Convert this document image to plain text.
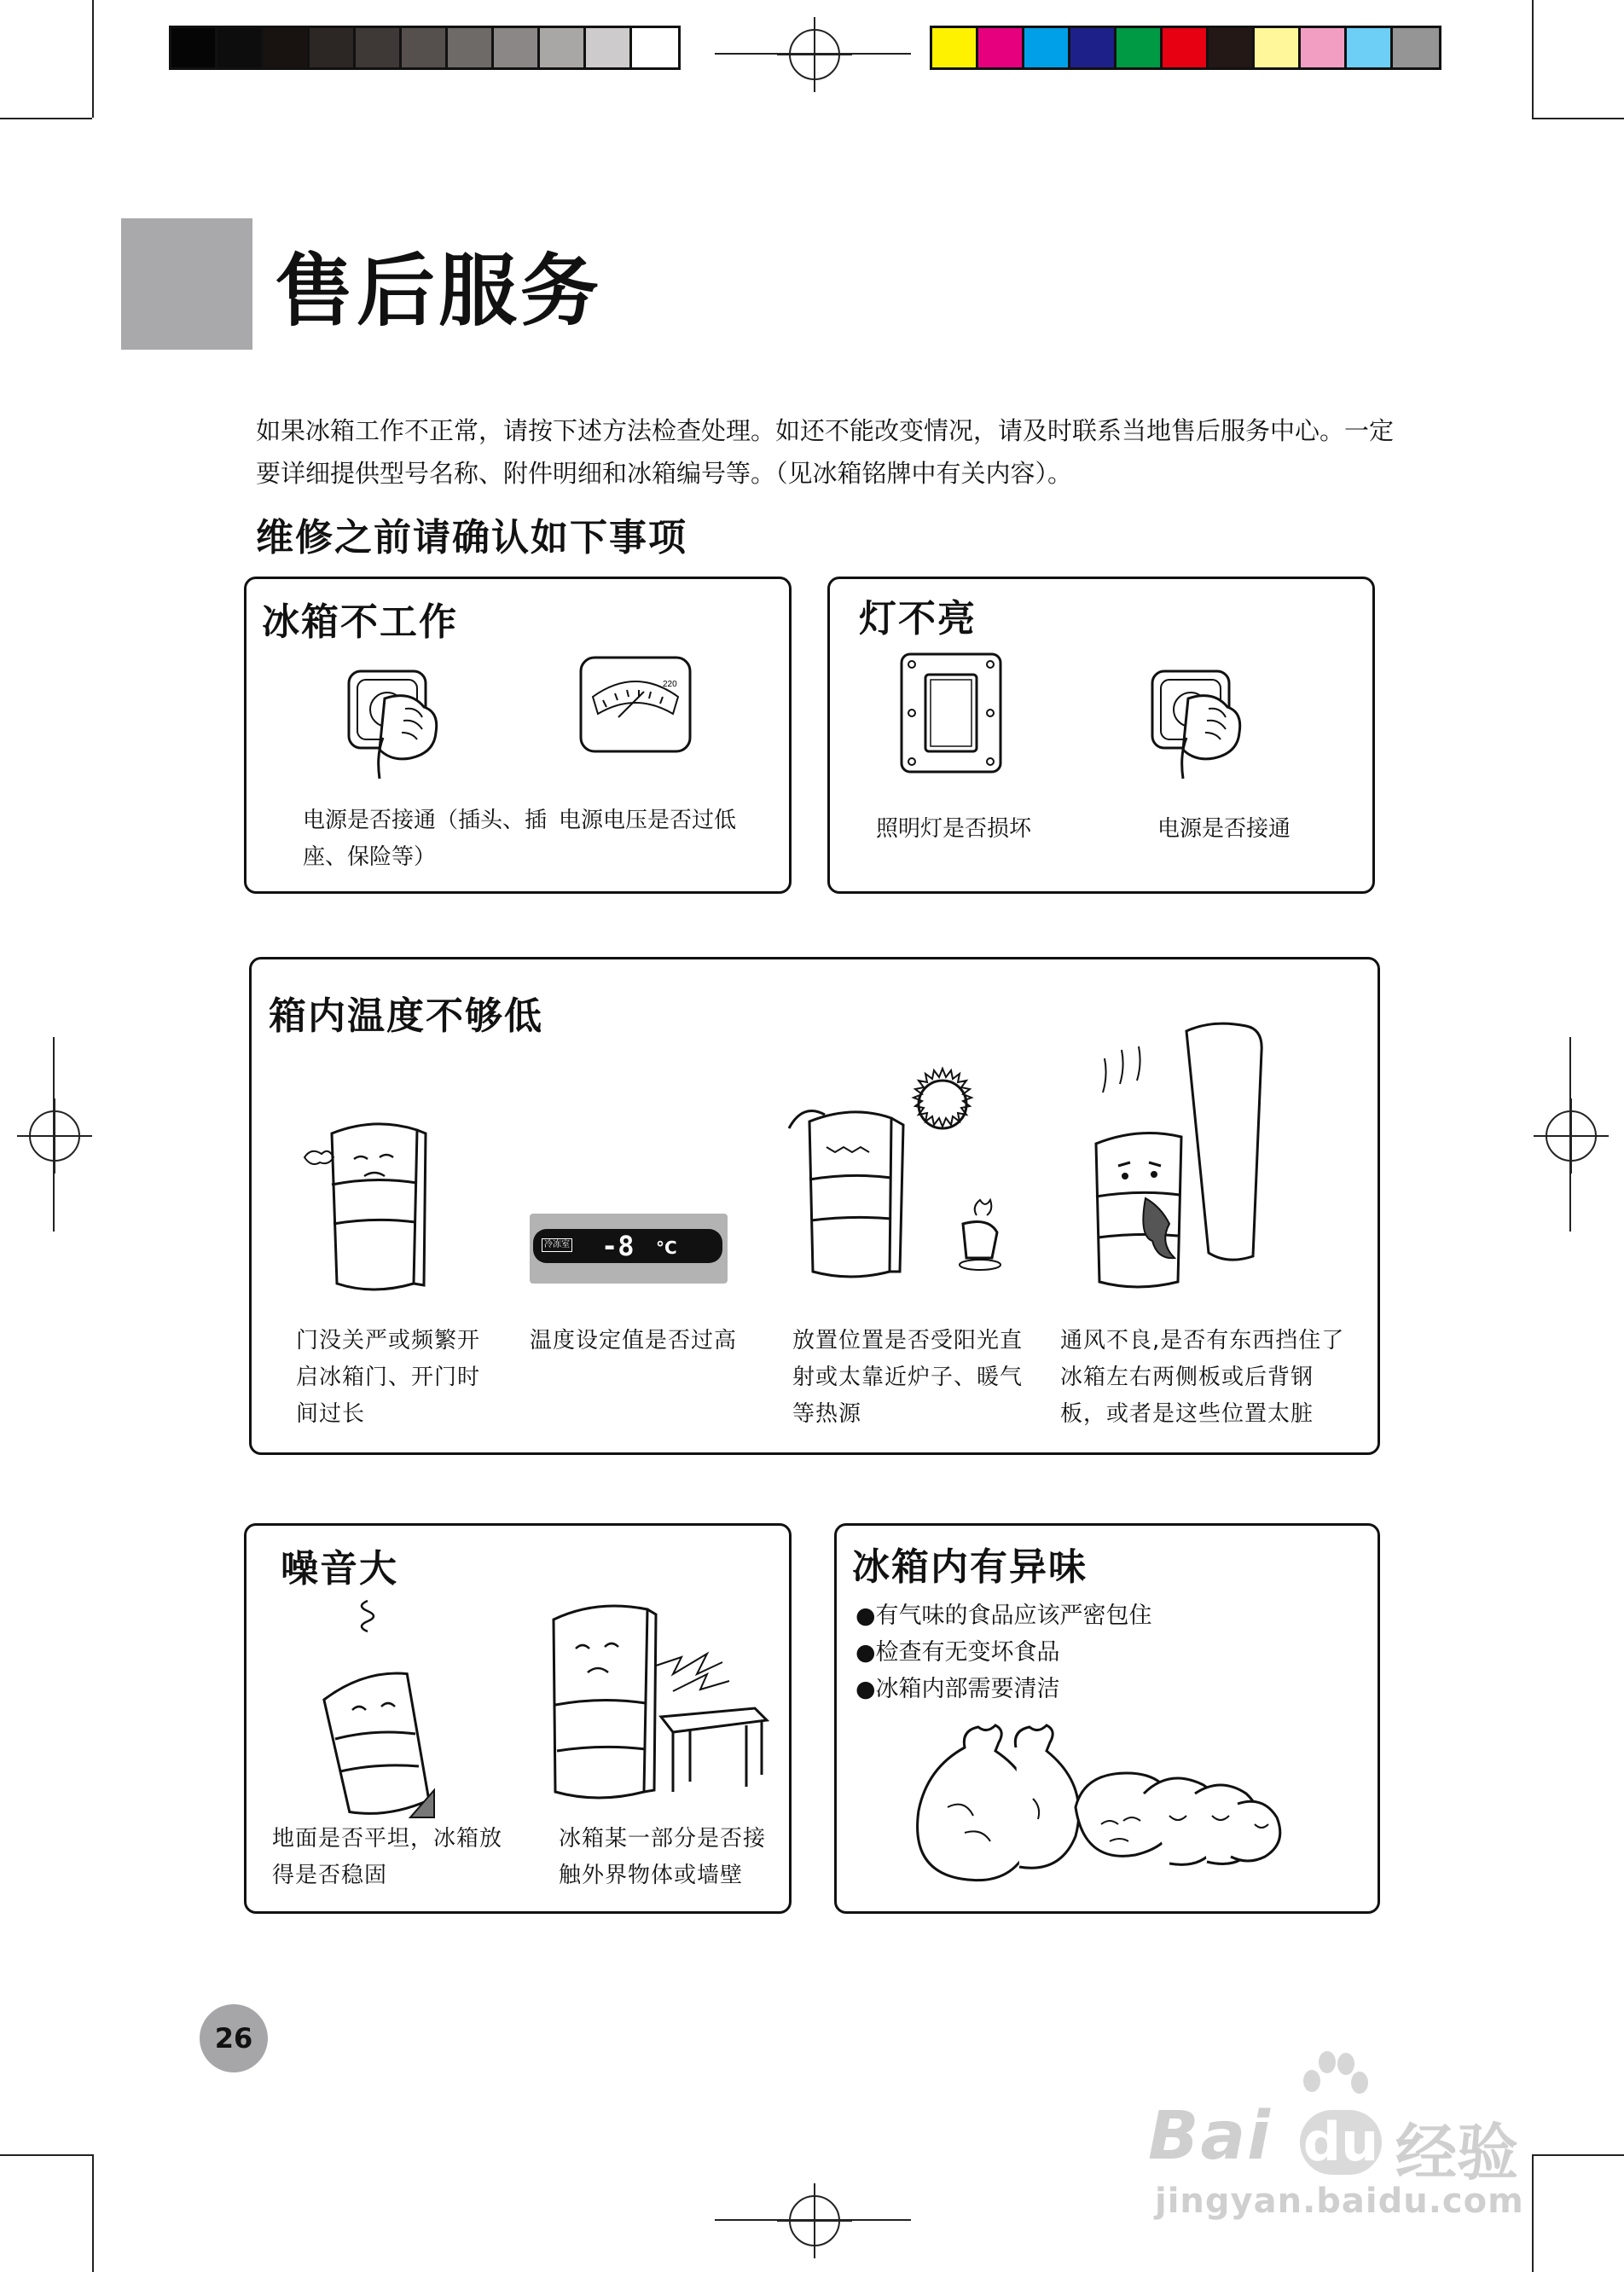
售后服务
如果冰箱工作不正常，请按下述方法检查处理。如还不能改变情况，请及时联系当地售后服务中心。一定要详细提供型号名称、附件明细和冰箱编号等。（见冰箱铭牌中有关内容）。
维修之前请确认如下事项
冰箱不工作
220
电源是否接通（插头、插座、保险等）
电源电压是否过低
灯不亮
照明灯是否损坏	电源是否接通
箱内温度不够低
冷冻室 -8 °C
门没关严或频繁开启冰箱门、开门时间过长
温度设定值是否过高	放置位置是否受阳光直射或太靠近炉子、暖气等热源
通风不良,是否有东西挡住了冰箱左右两侧板或后背钢板，或者是这些位置太脏
噪音大
地面是否平坦，冰箱放得是否稳固
冰箱某一部分是否接触外界物体或墙壁
冰箱内有异味
●有气味的食品应该严密包住
●检查有无变坏食品
●冰箱内部需要清洁
26
Bai du 经验
jingyan.baidu.com
